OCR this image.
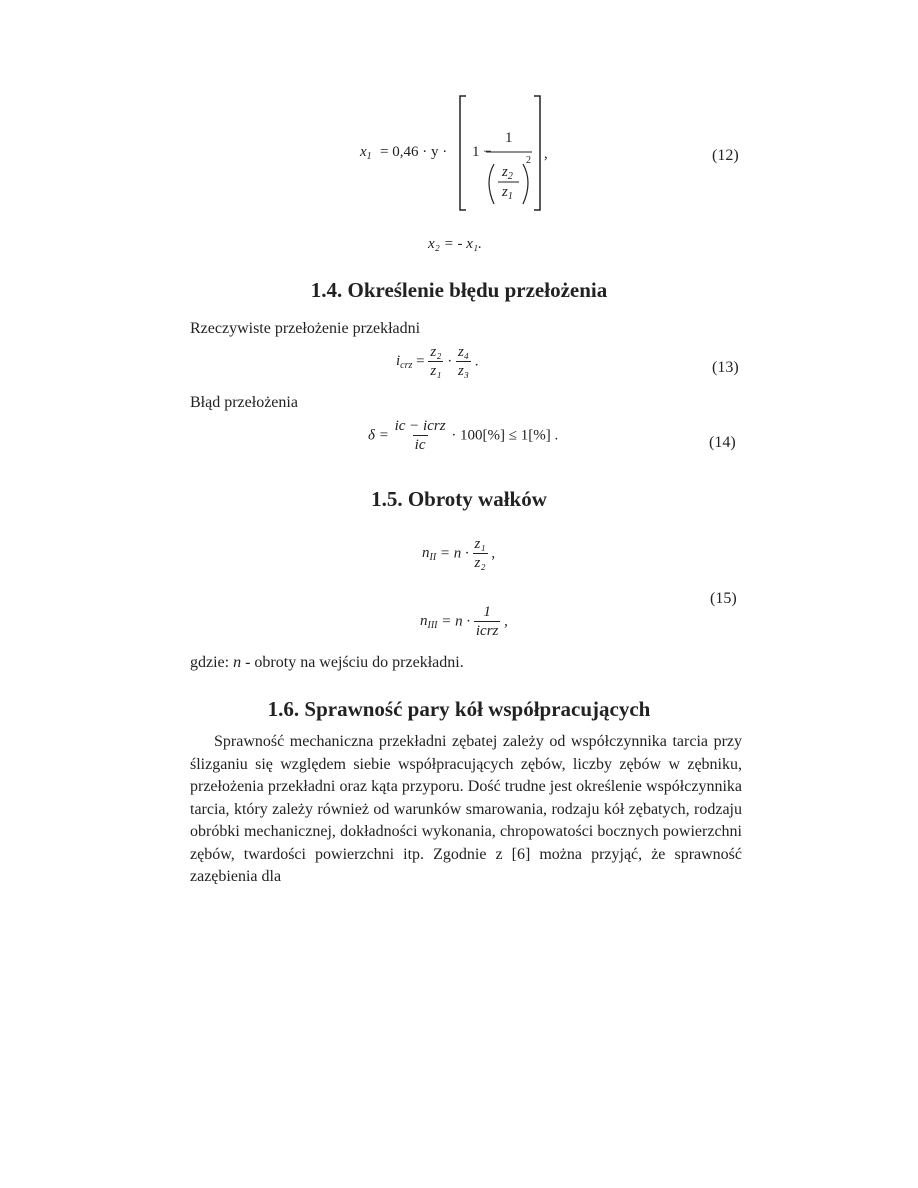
$x_1 = 0,46 \cdot y \cdot 1$ −
1
$z_2$
$z_1$
2 ,	(12)
x₂ = - x₁.
1.4. Określenie błędu przełożenia
Rzeczywiste przełożenie przekładni
$i_{crz} = \frac{\text{z₂}}{\text{z₁}} \cdot \frac{\text{z₄}}{\text{z₃}}$ .	(13)
Błąd przełożenia
$\delta = \frac{\text{ic − icrz}}{ic} \cdot 100[\%] \le 1[\%]$ .	(14)
1.5. Obroty wałków
$n_{II} = n \cdot \frac{\text{z₁}}{\text{z₂}}$ ,
(15)
$n_{III} = n \cdot \frac{1}{\text{icrz}}$ ,
gdzie: n - obroty na wejściu do przekładni.
1.6. Sprawność pary kół współpracujących

Sprawność mechaniczna przekładni zębatej zależy od współczynnika tarcia przy ślizganiu się względem siebie współpracujących zębów, liczby zębów w zębniku, przełożenia przekładni oraz kąta przyporu. Dość trudne jest określenie współczynnika tarcia, który zależy również od warunków smarowania, rodzaju kół zębatych, rodzaju obróbki mechanicznej, dokładności wykonania, chropowatości bocznych powierzchni zębów, twardości powierzchni itp. Zgodnie z [6] można przyjąć, że sprawność zazębienia dla
